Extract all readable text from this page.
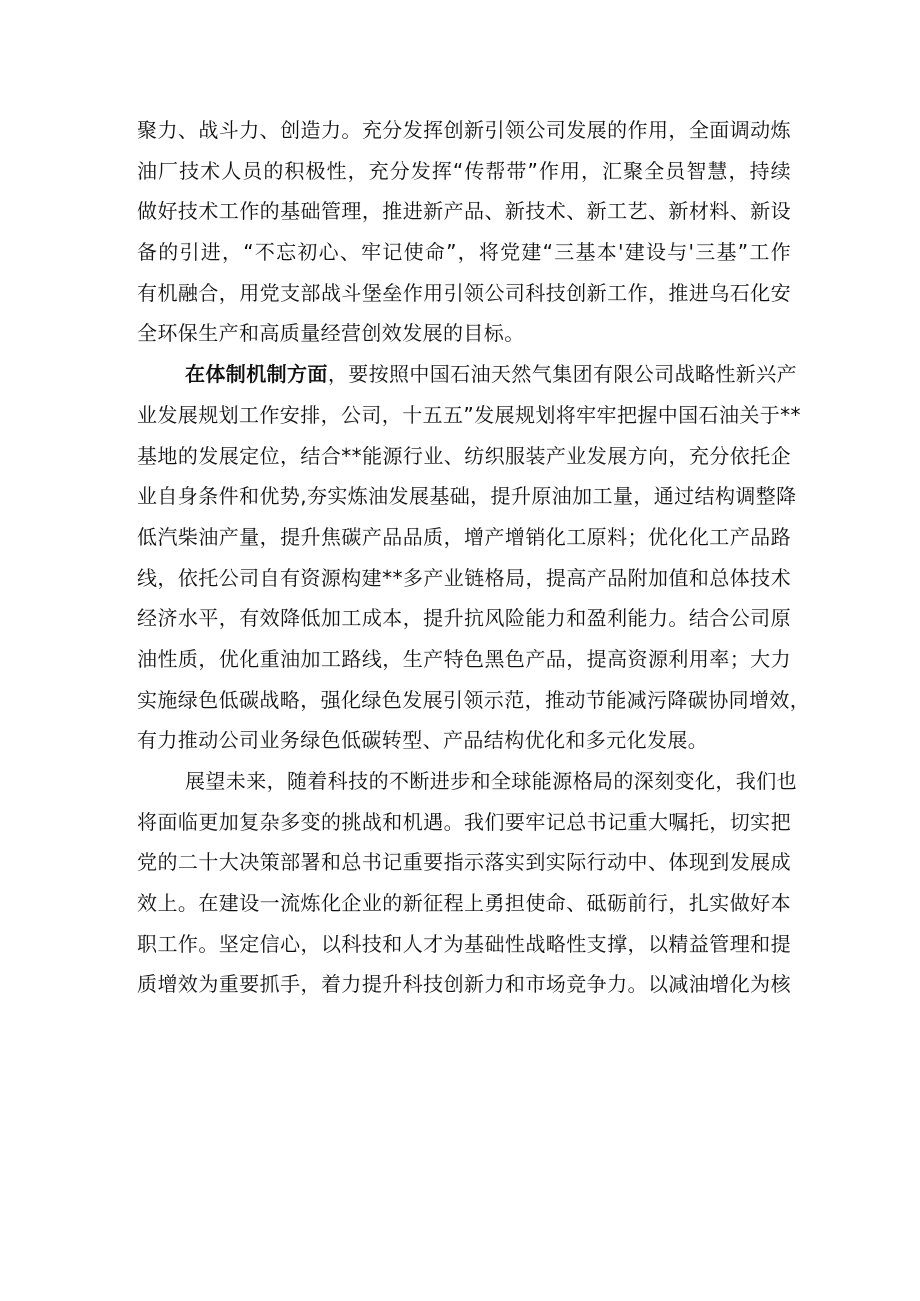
聚力、战斗力、创造力。充分发挥创新引领公司发展的作用，全面调动炼
油厂技术人员的积极性，充分发挥“传帮带”作用，汇聚全员智慧，持续
做好技术工作的基础管理，推进新产品、新技术、新工艺、新材料、新设
备的引进，“不忘初心、牢记使命”，将党建“三基本'建设与'三基”工作
有机融合，用党支部战斗堡垒作用引领公司科技创新工作，推进乌石化安
全环保生产和高质量经营创效发展的目标。
在体制机制方面，要按照中国石油天然气集团有限公司战略性新兴产
业发展规划工作安排，公司，十五五”发展规划将牢牢把握中国石油关于**
基地的发展定位，结合**能源行业、纺织服装产业发展方向，充分依托企
业自身条件和优势,夯实炼油发展基础，提升原油加工量，通过结构调整降
低汽柴油产量，提升焦碳产品品质，增产增销化工原料；优化化工产品路
线，依托公司自有资源构建**多产业链格局，提高产品附加值和总体技术
经济水平，有效降低加工成本，提升抗风险能力和盈利能力。结合公司原
油性质，优化重油加工路线，生产特色黑色产品，提高资源利用率；大力
实施绿色低碳战略，强化绿色发展引领示范，推动节能减污降碳协同增效，
有力推动公司业务绿色低碳转型、产品结构优化和多元化发展。
展望未来，随着科技的不断进步和全球能源格局的深刻变化，我们也
将面临更加复杂多变的挑战和机遇。我们要牢记总书记重大嘱托，切实把
党的二十大决策部署和总书记重要指示落实到实际行动中、体现到发展成
效上。在建设一流炼化企业的新征程上勇担使命、砥砺前行，扎实做好本
职工作。坚定信心，以科技和人才为基础性战略性支撑，以精益管理和提
质增效为重要抓手，着力提升科技创新力和市场竞争力。以减油增化为核
